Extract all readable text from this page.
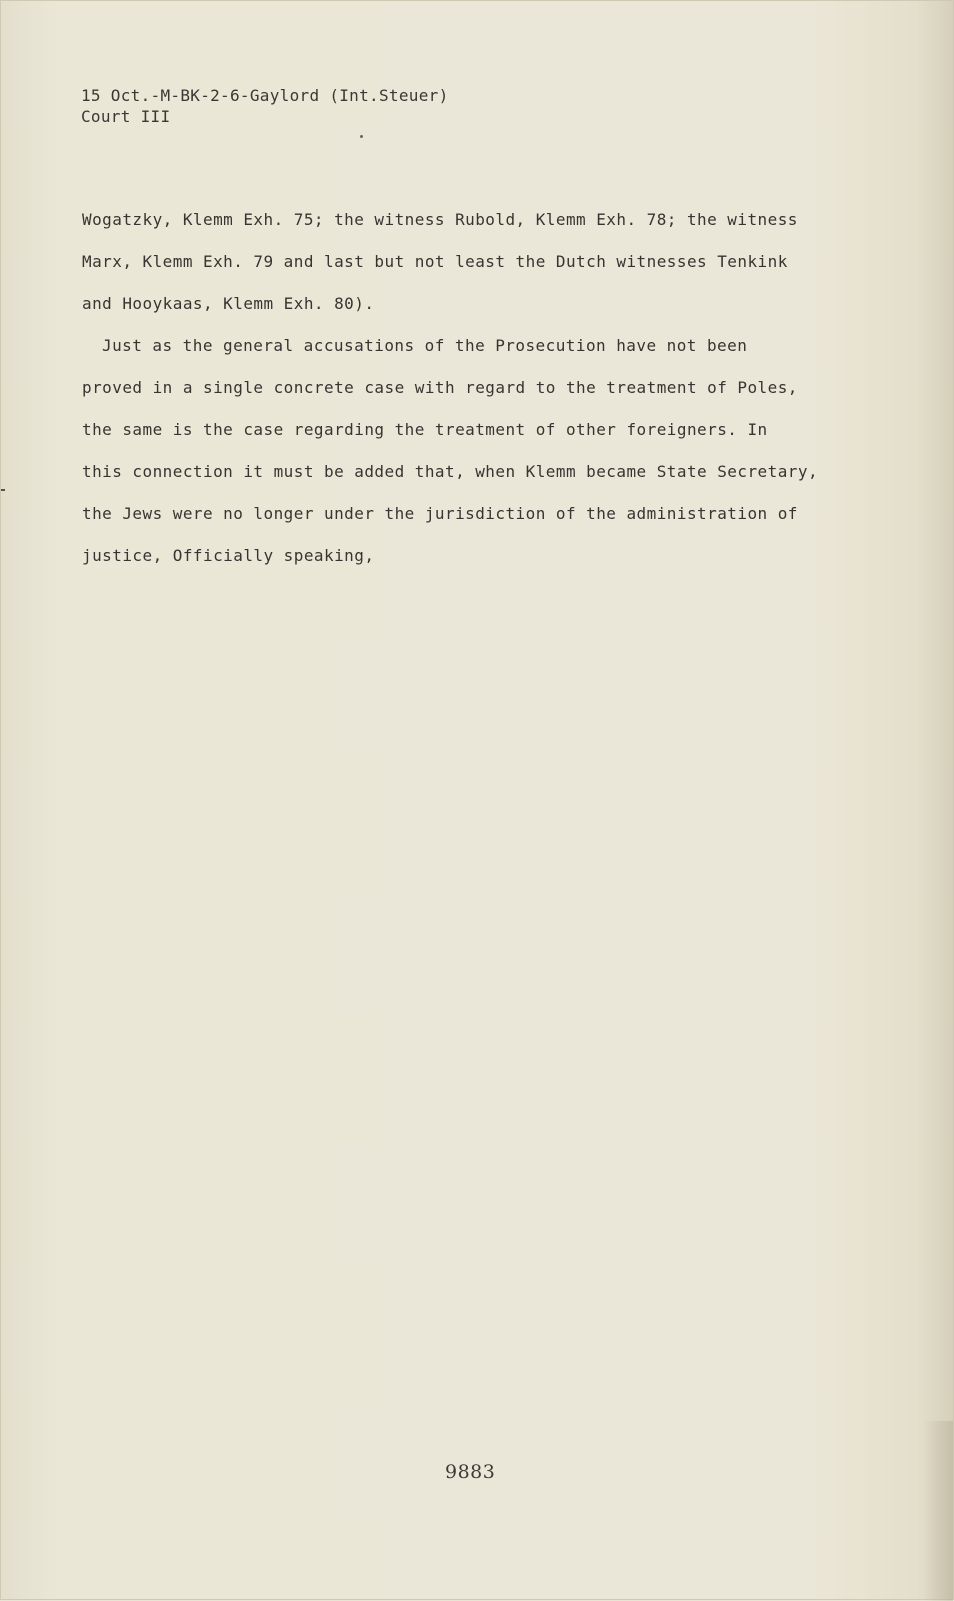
15 Oct.-M-BK-2-6-Gaylord (Int.Steuer)
Court III
Wogatzky, Klemm Exh. 75; the witness Rubold, Klemm Exh. 78; the witness
Marx, Klemm Exh. 79 and last but not least the Dutch witnesses Tenkink
and Hooykaas, Klemm Exh. 80).
Just as the general accusations of the Prosecution have not been
proved in a single concrete case with regard to the treatment of Poles,
the same is the case regarding the treatment of other foreigners. In
this connection it must be added that, when Klemm became State Secretary,
the Jews were no longer under the jurisdiction of the administration of
justice, Officially speaking,
9883
